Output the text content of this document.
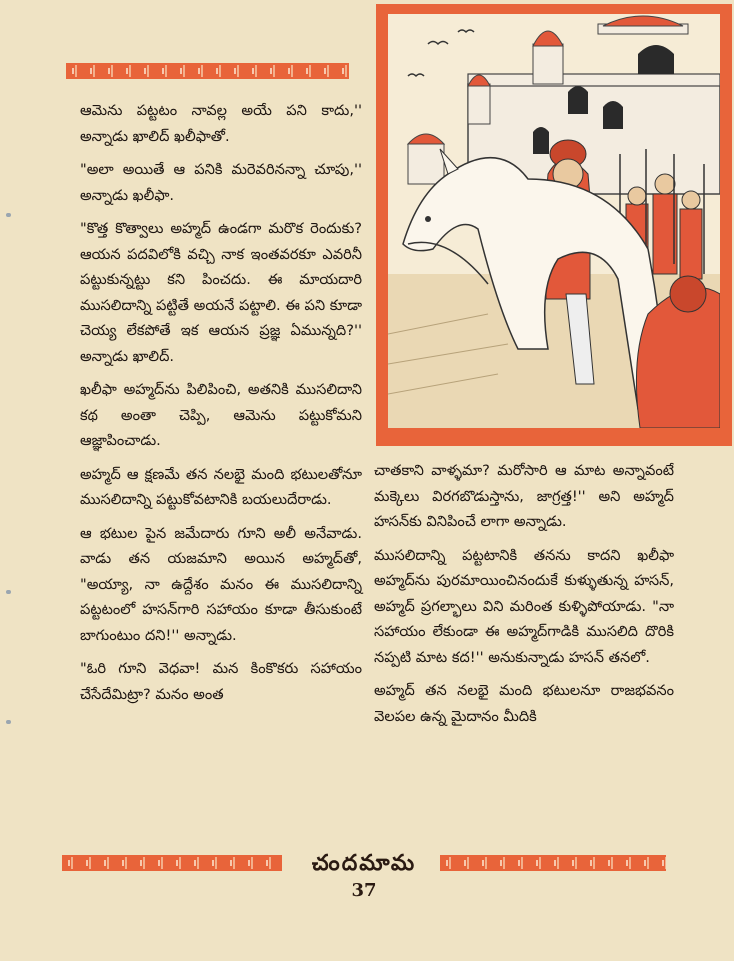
ఆమెను పట్టటం నావల్ల అయే పని కాదు,'' అన్నాడు ఖాలిద్ ఖలీఫాతో.

"అలా అయితే ఆ పనికి మరెవరినన్నా చూపు,'' అన్నాడు ఖలీఫా.

"కొత్త కొత్వాలు అహ్మద్ ఉండగా మరొక రెందుకు? ఆయన పదవిలోకి వచ్చి నాక ఇంతవరకూ ఎవరినీ పట్టుకున్నట్టు కని పించదు. ఈ మాయదారి ముసలిదాన్ని పట్టితే అయనే పట్టాలి. ఈ పని కూడా చెయ్య లేకపోతే ఇక ఆయన ప్రజ్ఞ ఏమున్నది?'' అన్నాడు ఖాలిద్.

ఖలీఫా అహ్మద్‌ను పిలిపించి, అతనికి ముసలిదాని కథ అంతా చెప్పి, ఆమెను పట్టుకోమని ఆజ్ఞాపించాడు.

అహ్మద్ ఆ క్షణమే తన నలభై మంది భటులతోనూ ముసలిదాన్ని పట్టుకోవటానికి బయలుదేరాడు.

ఆ భటుల పైన జమేదారు గూని అలీ అనేవాడు. వాడు తన యజమాని అయిన అహ్మద్‌తో, "అయ్యా, నా ఉద్దేశం మనం ఈ ముసలిదాన్ని పట్టటంలో హసన్‌గారి సహాయం కూడా తీసుకుంటే బాగుంటుం దని!'' అన్నాడు.

"ఓరి గూని వెధవా! మన కింకొకరు సహాయం చేసేదేమిట్రా? మనం అంత

చాతకాని వాళ్ళమా? మరోసారి ఆ మాట అన్నావంటే మక్కెలు విరగబొడుస్తాను, జాగ్రత్త!'' అని అహ్మద్ హసన్‌కు వినిపించే లాగా అన్నాడు.

ముసలిదాన్ని పట్టటానికి తనను కాదని ఖలీఫా అహ్మద్‌ను పురమాయించినందుకే కుళ్ళుతున్న హసన్, అహ్మద్ ప్రగల్భాలు విని మరింత కుళ్ళిపోయాడు. "నా సహాయం లేకుండా ఈ అహ్మద్‌గాడికి ముసలిది దొరికి నప్పటి మాట కద!'' అనుకున్నాడు హసన్ తనలో.

అహ్మద్ తన నలభై మంది భటులనూ రాజభవనం వెలపల ఉన్న మైదానం మీదికి

చందమామ
37
